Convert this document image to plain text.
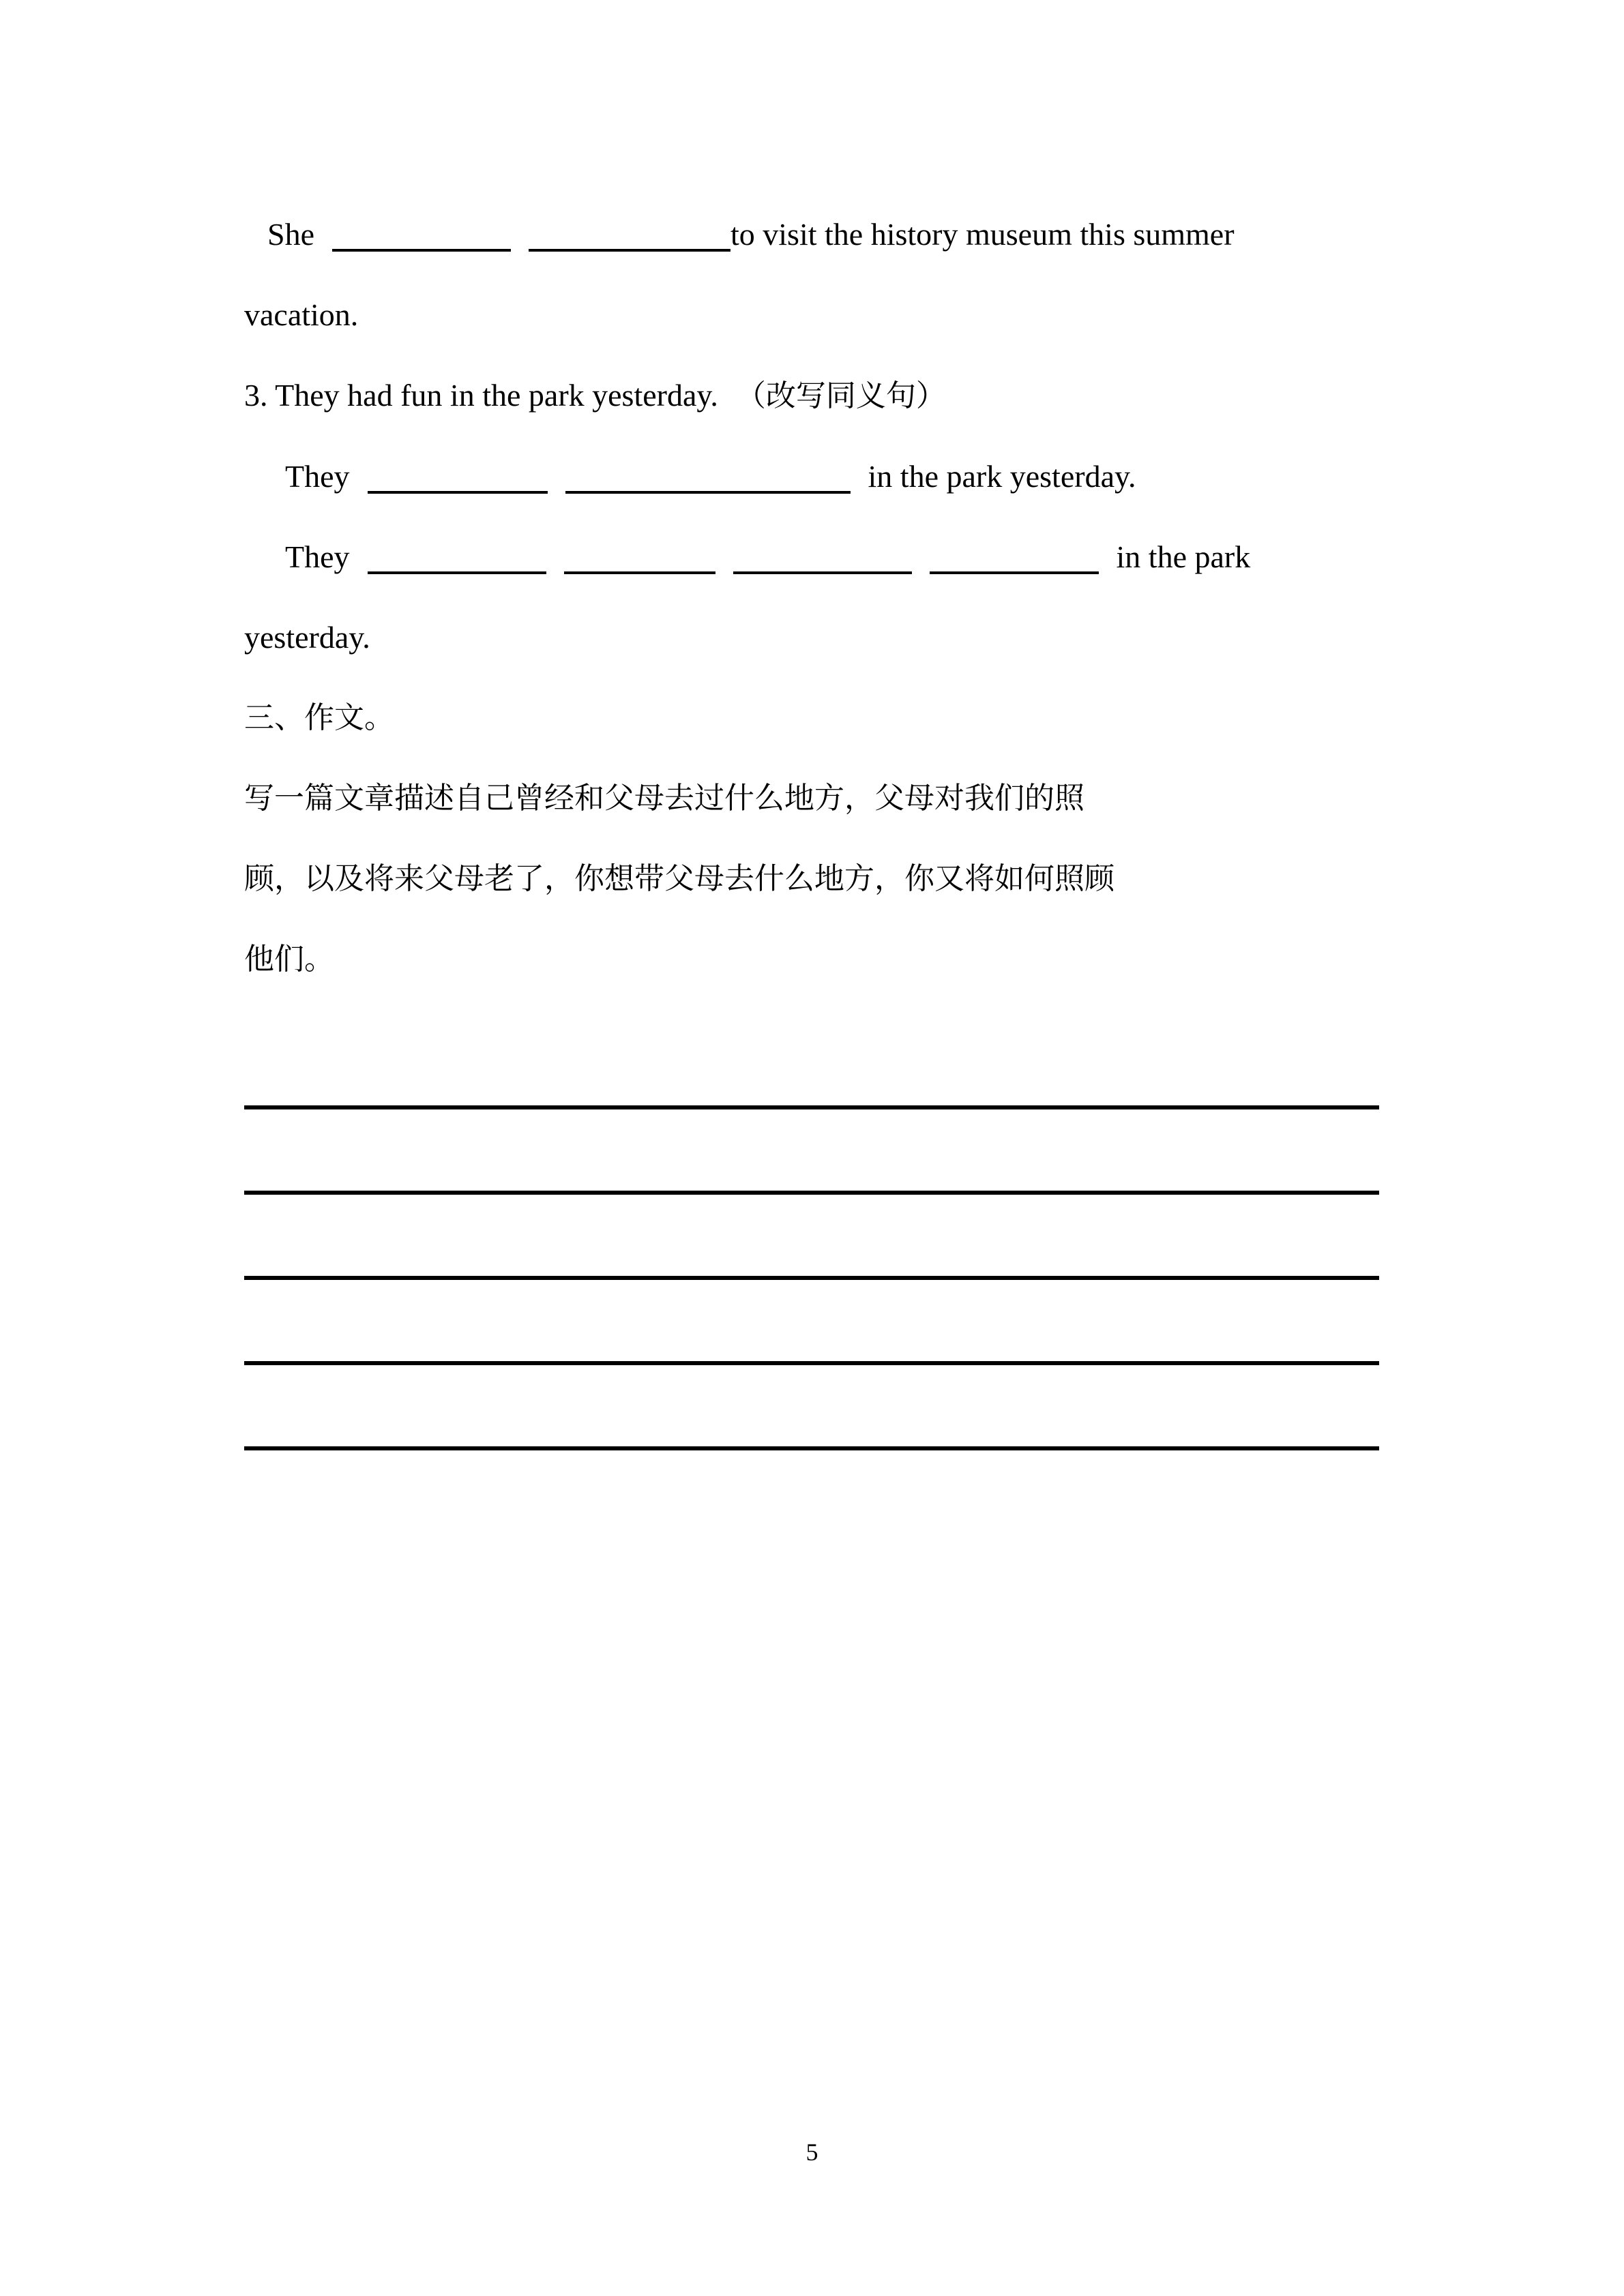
She	to visit the history museum this summer
vacation.
3. They had fun in the park yesterday. （改写同义句）
They	in the park yesterday.
They	in the park
yesterday.
三、作文。
写一篇文章描述自己曾经和父母去过什么地方，父母对我们的照
顾，以及将来父母老了，你想带父母去什么地方，你又将如何照顾
他们。
5
